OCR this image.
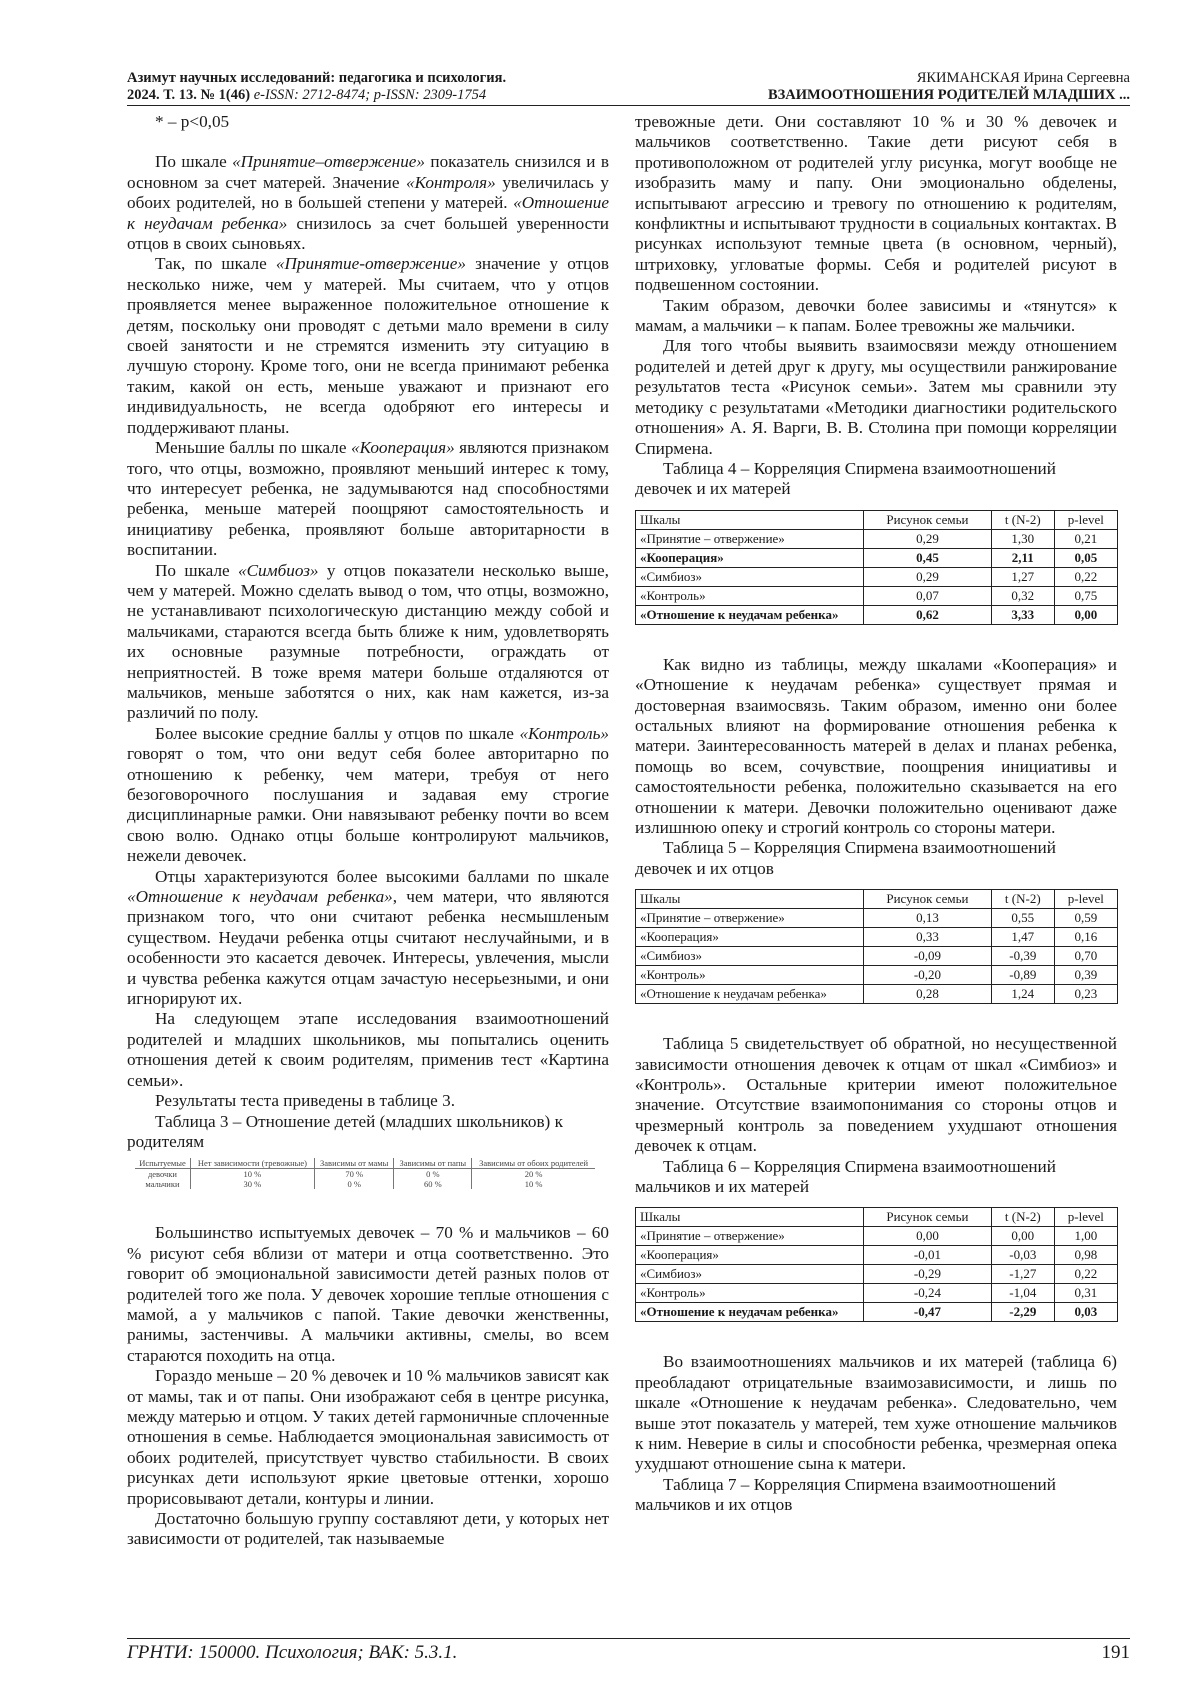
Азимут научных исследований: педагогика и психология.
2024. Т. 13. № 1(46) e-ISSN: 2712-8474; p-ISSN: 2309-1754
ЯКИМАНСКАЯ Ирина Сергеевна
ВЗАИМООТНОШЕНИЯ РОДИТЕЛЕЙ МЛАДШИХ ...

* – p<0,05

По шкале «Принятие–отвержение» показатель снизился и в основном за счет матерей. Значение «Контроля» увеличилась у обоих родителей, но в большей степени у матерей. «Отношение к неудачам ребенка» снизилось за счет большей уверенности отцов в своих сыновьях.

Так, по шкале «Принятие-отвержение» значение у отцов несколько ниже, чем у матерей. Мы считаем, что у отцов проявляется менее выраженное положительное отношение к детям, поскольку они проводят с детьми мало времени в силу своей занятости и не стремятся изменить эту ситуацию в лучшую сторону. Кроме того, они не всегда принимают ребенка таким, какой он есть, меньше уважают и признают его индивидуальность, не всегда одобряют его интересы и поддерживают планы.

Меньшие баллы по шкале «Кооперация» являются признаком того, что отцы, возможно, проявляют меньший интерес к тому, что интересует ребенка, не задумываются над способностями ребенка, меньше матерей поощряют самостоятельность и инициативу ребенка, проявляют больше авторитарности в воспитании.

По шкале «Симбиоз» у отцов показатели несколько выше, чем у матерей. Можно сделать вывод о том, что отцы, возможно, не устанавливают психологическую дистанцию между собой и мальчиками, стараются всегда быть ближе к ним, удовлетворять их основные разумные потребности, ограждать от неприятностей. В тоже время матери больше отдаляются от мальчиков, меньше заботятся о них, как нам кажется, из-за различий по полу.

Более высокие средние баллы у отцов по шкале «Контроль» говорят о том, что они ведут себя более авторитарно по отношению к ребенку, чем матери, требуя от него безоговорочного послушания и задавая ему строгие дисциплинарные рамки. Они навязывают ребенку почти во всем свою волю. Однако отцы больше контролируют мальчиков, нежели девочек.

Отцы характеризуются более высокими баллами по шкале «Отношение к неудачам ребенка», чем матери, что являются признаком того, что они считают ребенка несмышленым существом. Неудачи ребенка отцы считают неслучайными, и в особенности это касается девочек. Интересы, увлечения, мысли и чувства ребенка кажутся отцам зачастую несерьезными, и они игнорируют их.

На следующем этапе исследования взаимоотношений родителей и младших школьников, мы попытались оценить отношения детей к своим родителям, применив тест «Картина семьи».

Результаты теста приведены в таблице 3.

Таблица 3 – Отношение детей (младших школьников) к родителям

Испытуемые	Нет зависимости (тревожные)	Зависимы от мамы	Зависимы от папы	Зависимы от обоих родителей
девочки	10 %	70 %	0 %	20 %
мальчики	30 %	0 %	60 %	10 %

Большинство испытуемых девочек – 70 % и мальчиков – 60 % рисуют себя вблизи от матери и отца соответственно. Это говорит об эмоциональной зависимости детей разных полов от родителей того же пола. У девочек хорошие теплые отношения с мамой, а у мальчиков с папой. Такие девочки женственны, ранимы, застенчивы. А мальчики активны, смелы, во всем стараются походить на отца.

Гораздо меньше – 20 % девочек и 10 % мальчиков зависят как от мамы, так и от папы. Они изображают себя в центре рисунка, между матерью и отцом. У таких детей гармоничные сплоченные отношения в семье. Наблюдается эмоциональная зависимость от обоих родителей, присутствует чувство стабильности. В своих рисунках дети используют яркие цветовые оттенки, хорошо прорисовывают детали, контуры и линии.

Достаточно большую группу составляют дети, у которых нет зависимости от родителей, так называемые

тревожные дети. Они составляют 10 % и 30 % девочек и мальчиков соответственно. Такие дети рисуют себя в противоположном от родителей углу рисунка, могут вообще не изобразить маму и папу. Они эмоционально обделены, испытывают агрессию и тревогу по отношению к родителям, конфликтны и испытывают трудности в социальных контактах. В рисунках используют темные цвета (в основном, черный), штриховку, угловатые формы. Себя и родителей рисуют в подвешенном состоянии.

Таким образом, девочки более зависимы и «тянутся» к мамам, а мальчики – к папам. Более тревожны же мальчики.

Для того чтобы выявить взаимосвязи между отношением родителей и детей друг к другу, мы осуществили ранжирование результатов теста «Рисунок семьи». Затем мы сравнили эту методику с результатами «Методики диагностики родительского отношения» А. Я. Варги, В. В. Столина при помощи корреляции Спирмена.

Таблица 4 – Корреляция Спирмена взаимоотношений девочек и их матерей

Шкалы	Рисунок семьи	t (N-2)	p-level
«Принятие – отвержение»	0,29	1,30	0,21
«Кооперация»	0,45	2,11	0,05
«Симбиоз»	0,29	1,27	0,22
«Контроль»	0,07	0,32	0,75
«Отношение к неудачам ребенка»	0,62	3,33	0,00

Как видно из таблицы, между шкалами «Кооперация» и «Отношение к неудачам ребенка» существует прямая и достоверная взаимосвязь. Таким образом, именно они более остальных влияют на формирование отношения ребенка к матери. Заинтересованность матерей в делах и планах ребенка, помощь во всем, сочувствие, поощрения инициативы и самостоятельности ребенка, положительно сказывается на его отношении к матери. Девочки положительно оценивают даже излишнюю опеку и строгий контроль со стороны матери.

Таблица 5 – Корреляция Спирмена взаимоотношений девочек и их отцов

Шкалы	Рисунок семьи	t (N-2)	p-level
«Принятие – отвержение»	0,13	0,55	0,59
«Кооперация»	0,33	1,47	0,16
«Симбиоз»	-0,09	-0,39	0,70
«Контроль»	-0,20	-0,89	0,39
«Отношение к неудачам ребенка»	0,28	1,24	0,23

Таблица 5 свидетельствует об обратной, но несущественной зависимости отношения девочек к отцам от шкал «Симбиоз» и «Контроль». Остальные критерии имеют положительное значение. Отсутствие взаимопонимания со стороны отцов и чрезмерный контроль за поведением ухудшают отношения девочек к отцам.

Таблица 6 – Корреляция Спирмена взаимоотношений мальчиков и их матерей

Шкалы	Рисунок семьи	t (N-2)	p-level
«Принятие – отвержение»	0,00	0,00	1,00
«Кооперация»	-0,01	-0,03	0,98
«Симбиоз»	-0,29	-1,27	0,22
«Контроль»	-0,24	-1,04	0,31
«Отношение к неудачам ребенка»	-0,47	-2,29	0,03

Во взаимоотношениях мальчиков и их матерей (таблица 6) преобладают отрицательные взаимозависимости, и лишь по шкале «Отношение к неудачам ребенка». Следовательно, чем выше этот показатель у матерей, тем хуже отношение мальчиков к ним. Неверие в силы и способности ребенка, чрезмерная опека ухудшают отношение сына к матери.

Таблица 7 – Корреляция Спирмена взаимоотношений мальчиков и их отцов

ГРНТИ: 150000. Психология; ВАК: 5.3.1.	191
